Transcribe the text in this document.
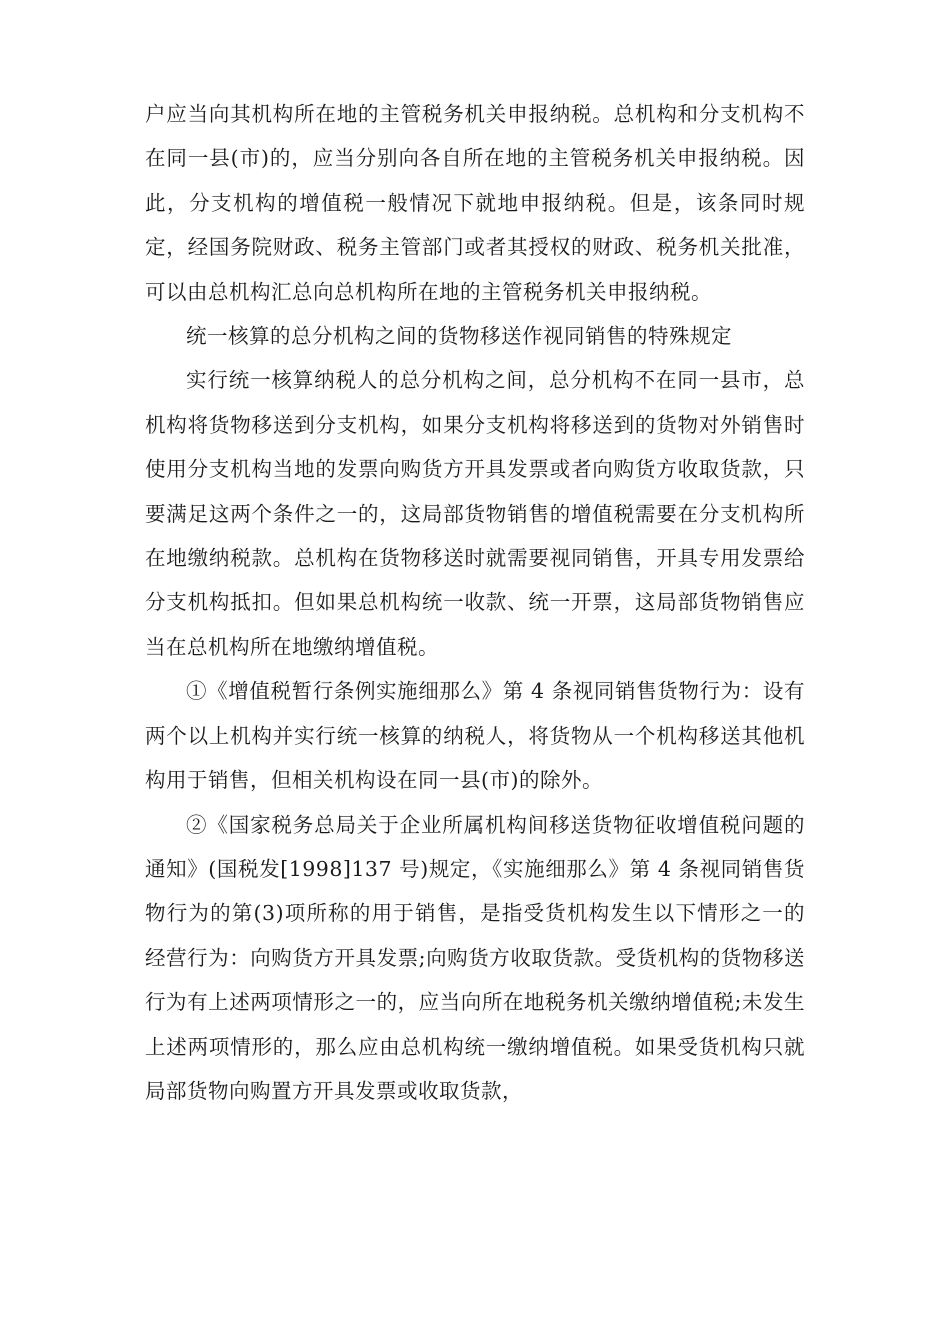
户应当向其机构所在地的主管税务机关申报纳税。总机构和分支机构不在同一县(市)的，应当分别向各自所在地的主管税务机关申报纳税。因此，分支机构的增值税一般情况下就地申报纳税。但是，该条同时规定，经国务院财政、税务主管部门或者其授权的财政、税务机关批准，可以由总机构汇总向总机构所在地的主管税务机关申报纳税。

统一核算的总分机构之间的货物移送作视同销售的特殊规定

实行统一核算纳税人的总分机构之间，总分机构不在同一县市，总机构将货物移送到分支机构，如果分支机构将移送到的货物对外销售时使用分支机构当地的发票向购货方开具发票或者向购货方收取货款，只要满足这两个条件之一的，这局部货物销售的增值税需要在分支机构所在地缴纳税款。总机构在货物移送时就需要视同销售，开具专用发票给分支机构抵扣。但如果总机构统一收款、统一开票，这局部货物销售应当在总机构所在地缴纳增值税。

①《增值税暂行条例实施细那么》第 4 条视同销售货物行为：设有两个以上机构并实行统一核算的纳税人，将货物从一个机构移送其他机构用于销售，但相关机构设在同一县(市)的除外。

②《国家税务总局关于企业所属机构间移送货物征收增值税问题的通知》(国税发[1998]137 号)规定，《实施细那么》第 4 条视同销售货物行为的第(3)项所称的用于销售，是指受货机构发生以下情形之一的经营行为：向购货方开具发票;向购货方收取货款。受货机构的货物移送行为有上述两项情形之一的，应当向所在地税务机关缴纳增值税;未发生上述两项情形的，那么应由总机构统一缴纳增值税。如果受货机构只就局部货物向购置方开具发票或收取货款，
